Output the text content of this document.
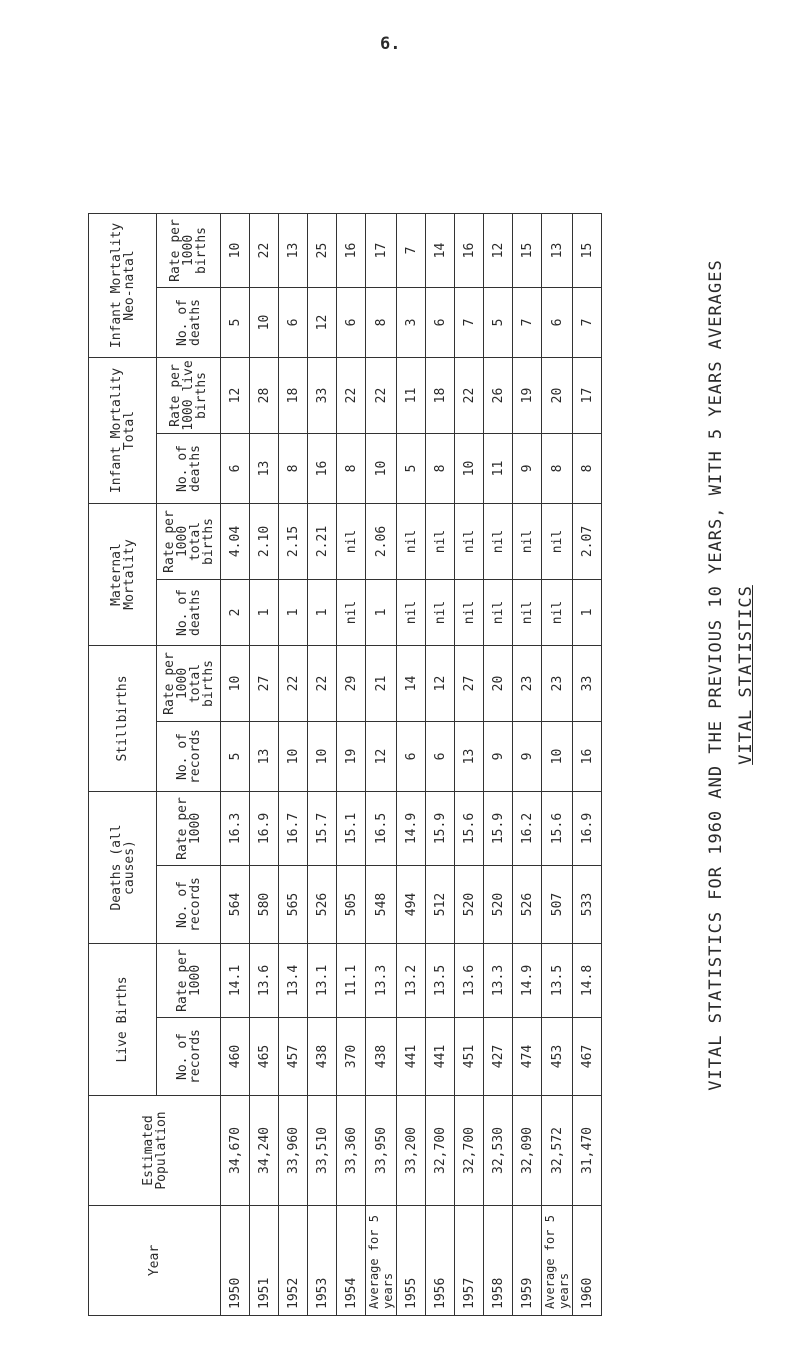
6.
VITAL STATISTICS FOR 1960 AND THE PREVIOUS 10 YEARS, WITH 5 YEARS AVERAGES VITAL STATISTICS
Year	Estimated Population	Live Births		Deaths (all causes)		Stillbirths		Maternal Mortality		Infant Mortality Total		Infant Mortality Neo-natal	
		No. of records	Rate per 1000	No. of records	Rate per 1000	No. of records	Rate per 1000 total births	No. of deaths	Rate per 1000 total births	No. of deaths	Rate per 1000 live births	No. of deaths	Rate per 1000 births
1950	34,670	460	14.1	564	16.3	5	10	2	4.04	6	12	5	10
1951	34,240	465	13.6	580	16.9	13	27	1	2.10	13	28	10	22
1952	33,960	457	13.4	565	16.7	10	22	1	2.15	8	18	6	13
1953	33,510	438	13.1	526	15.7	10	22	1	2.21	16	33	12	25
1954	33,360	370	11.1	505	15.1	19	29	nil	nil	8	22	6	16
Average for 5 years	33,950	438	13.3	548	16.5	12	21	1	2.06	10	22	8	17
1955	33,200	441	13.2	494	14.9	6	14	nil	nil	5	11	3	7
1956	32,700	441	13.5	512	15.9	6	12	nil	nil	8	18	6	14
1957	32,700	451	13.6	520	15.6	13	27	nil	nil	10	22	7	16
1958	32,530	427	13.3	520	15.9	9	20	nil	nil	11	26	5	12
1959	32,090	474	14.9	526	16.2	9	23	nil	nil	9	19	7	15
Average for 5 years	32,572	453	13.5	507	15.6	10	23	nil	nil	8	20	6	13
1960	31,470	467	14.8	533	16.9	16	33	1	2.07	8	17	7	15
